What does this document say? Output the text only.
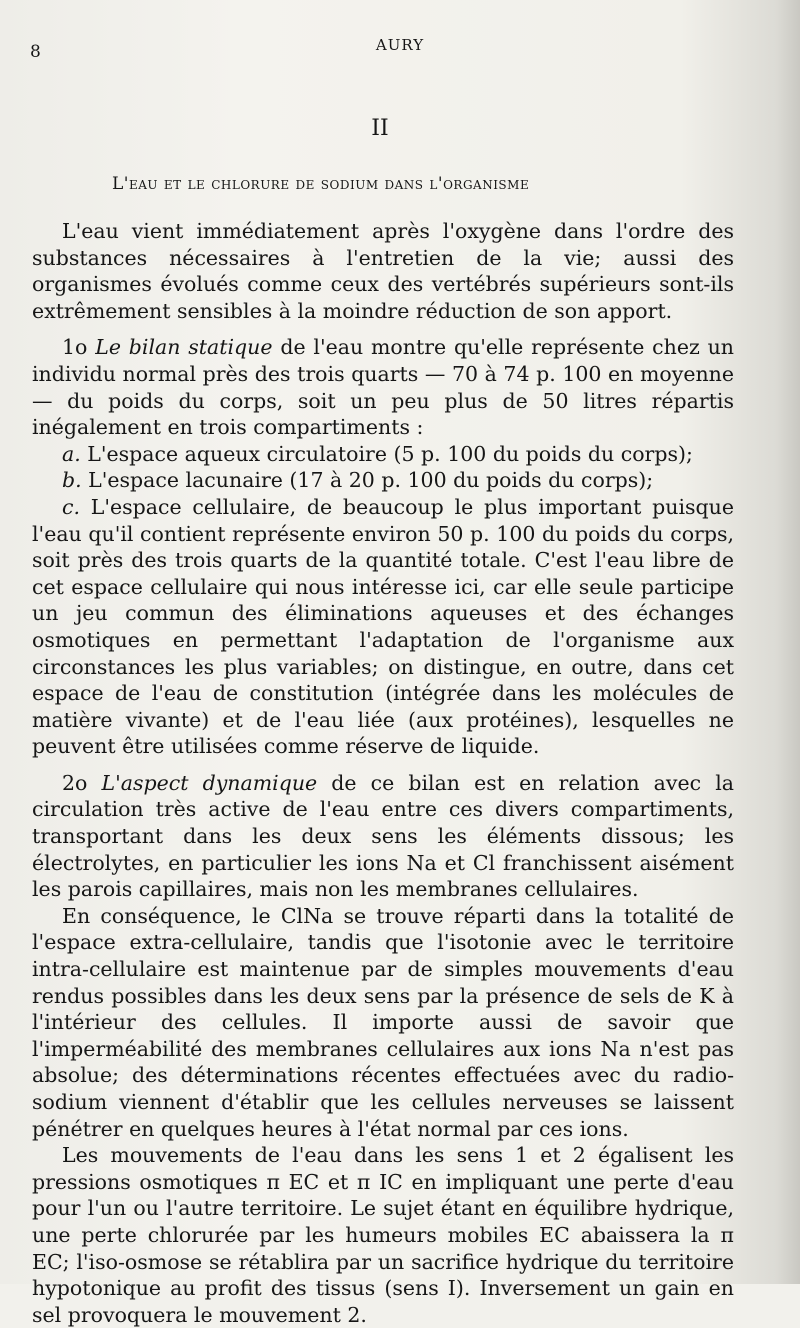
8	AURY
II
L'eau et le chlorure de sodium dans l'organisme

L'eau vient immédiatement après l'oxygène dans l'ordre des substances nécessaires à l'entretien de la vie; aussi des organismes évolués comme ceux des vertébrés supérieurs sont-ils extrêmement sensibles à la moindre réduction de son apport.

1o Le bilan statique de l'eau montre qu'elle représente chez un individu normal près des trois quarts — 70 à 74 p. 100 en moyenne — du poids du corps, soit un peu plus de 50 litres répartis inégalement en trois compartiments :

a. L'espace aqueux circulatoire (5 p. 100 du poids du corps);

b. L'espace lacunaire (17 à 20 p. 100 du poids du corps);

c. L'espace cellulaire, de beaucoup le plus important puisque l'eau qu'il contient représente environ 50 p. 100 du poids du corps, soit près des trois quarts de la quantité totale. C'est l'eau libre de cet espace cellulaire qui nous intéresse ici, car elle seule participe un jeu commun des éliminations aqueuses et des échanges osmotiques en permettant l'adaptation de l'organisme aux circonstances les plus variables; on distingue, en outre, dans cet espace de l'eau de constitution (intégrée dans les molécules de matière vivante) et de l'eau liée (aux protéines), lesquelles ne peuvent être utilisées comme réserve de liquide.

2o L'aspect dynamique de ce bilan est en relation avec la circulation très active de l'eau entre ces divers compartiments, transportant dans les deux sens les éléments dissous; les électrolytes, en particulier les ions Na et Cl franchissent aisément les parois capillaires, mais non les membranes cellulaires.

En conséquence, le ClNa se trouve réparti dans la totalité de l'espace extra-cellulaire, tandis que l'isotonie avec le territoire intra-cellulaire est maintenue par de simples mouvements d'eau rendus possibles dans les deux sens par la présence de sels de K à l'intérieur des cellules. Il importe aussi de savoir que l'imperméabilité des membranes cellulaires aux ions Na n'est pas absolue; des déterminations récentes effectuées avec du radio-sodium viennent d'établir que les cellules nerveuses se laissent pénétrer en quelques heures à l'état normal par ces ions.

Les mouvements de l'eau dans les sens 1 et 2 égalisent les pressions osmotiques π EC et π IC en impliquant une perte d'eau pour l'un ou l'autre territoire. Le sujet étant en équilibre hydrique, une perte chlorurée par les humeurs mobiles EC abaissera la π EC; l'iso-osmose se rétablira par un sacrifice hydrique du territoire hypotonique au profit des tissus (sens I). Inversement un gain en sel provoquera le mouvement 2.
